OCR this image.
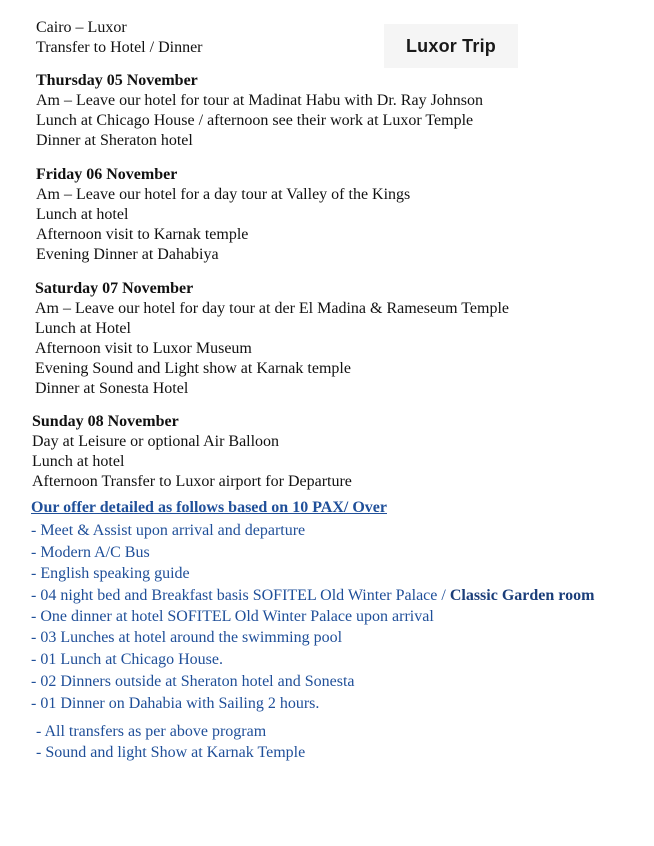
Luxor Trip
Cairo – Luxor
Transfer to Hotel / Dinner
Thursday 05 November
Am – Leave our hotel for tour at Madinat Habu with Dr. Ray Johnson
Lunch at Chicago House / afternoon see their work at Luxor Temple
Dinner at Sheraton hotel
Friday 06 November
Am – Leave our hotel for a day tour at Valley of the Kings
Lunch at hotel
Afternoon visit to Karnak temple
Evening Dinner at Dahabiya
Saturday 07 November
Am – Leave our hotel for day tour at der El Madina & Rameseum Temple
Lunch at Hotel
Afternoon visit to Luxor Museum
Evening Sound and Light show at Karnak temple
Dinner at Sonesta Hotel
Sunday 08 November
Day at Leisure or optional Air Balloon
Lunch at hotel
Afternoon Transfer to Luxor airport for Departure
Our offer detailed as follows based on 10 PAX/ Over
- Meet & Assist upon arrival and departure
- Modern A/C Bus
- English speaking guide
- 04 night bed and Breakfast basis SOFITEL Old Winter Palace / Classic Garden room
- One dinner at hotel SOFITEL Old Winter Palace upon arrival
- 03 Lunches at hotel around the swimming pool
- 01 Lunch at Chicago House.
- 02 Dinners outside at Sheraton hotel and Sonesta
- 01 Dinner on Dahabia with Sailing 2 hours.
- All transfers as per above program
- Sound and light Show at Karnak Temple
